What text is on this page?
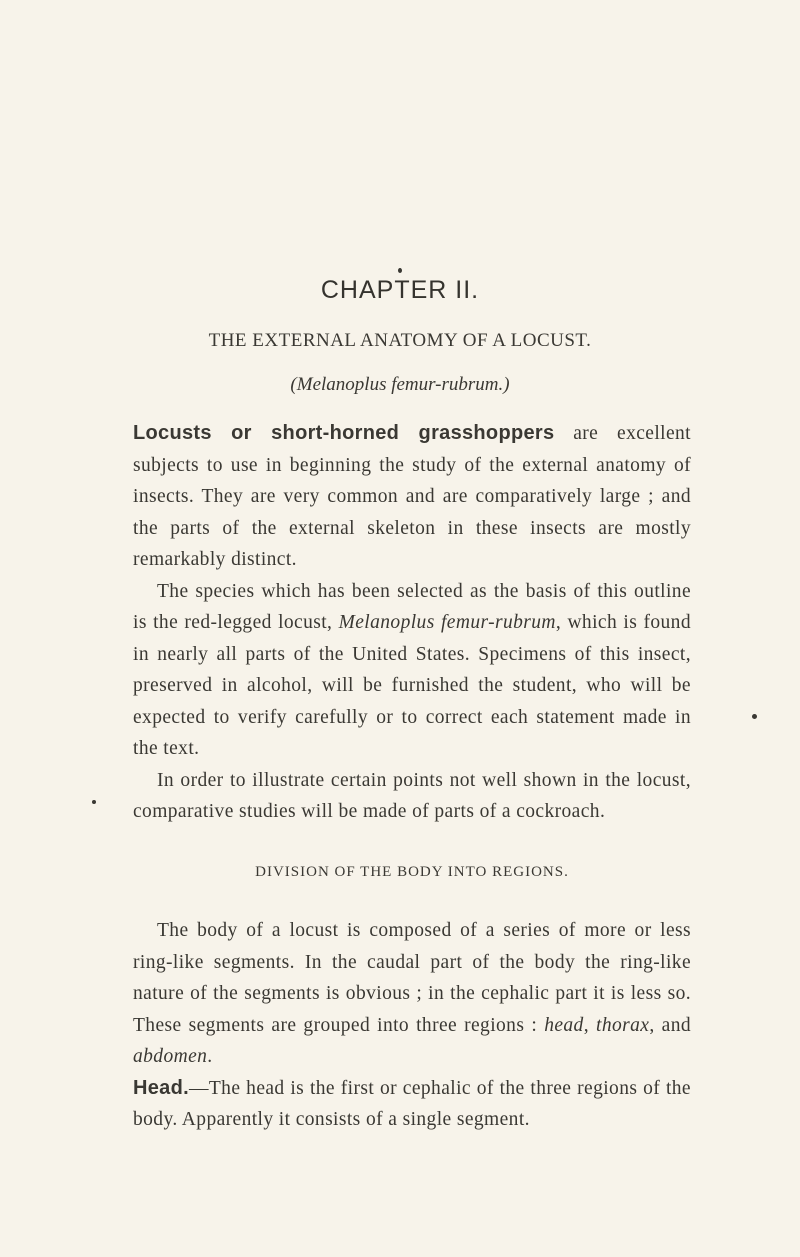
CHAPTER II.
THE EXTERNAL ANATOMY OF A LOCUST.
(Melanoplus femur-rubrum.)

Locusts or short-horned grasshoppers are excellent subjects to use in beginning the study of the external anatomy of insects. They are very common and are comparatively large ; and the parts of the external skeleton in these insects are mostly remarkably distinct.

The species which has been selected as the basis of this outline is the red-legged locust, Melanoplus femur-rubrum, which is found in nearly all parts of the United States. Specimens of this insect, preserved in alcohol, will be furnished the student, who will be expected to verify carefully or to correct each statement made in the text.

In order to illustrate certain points not well shown in the locust, comparative studies will be made of parts of a cockroach.

DIVISION OF THE BODY INTO REGIONS.

The body of a locust is composed of a series of more or less ring-like segments. In the caudal part of the body the ring-like nature of the segments is obvious ; in the cephalic part it is less so. These segments are grouped into three regions : head, thorax, and abdomen.

Head.—The head is the first or cephalic of the three regions of the body. Apparently it consists of a single segment.
